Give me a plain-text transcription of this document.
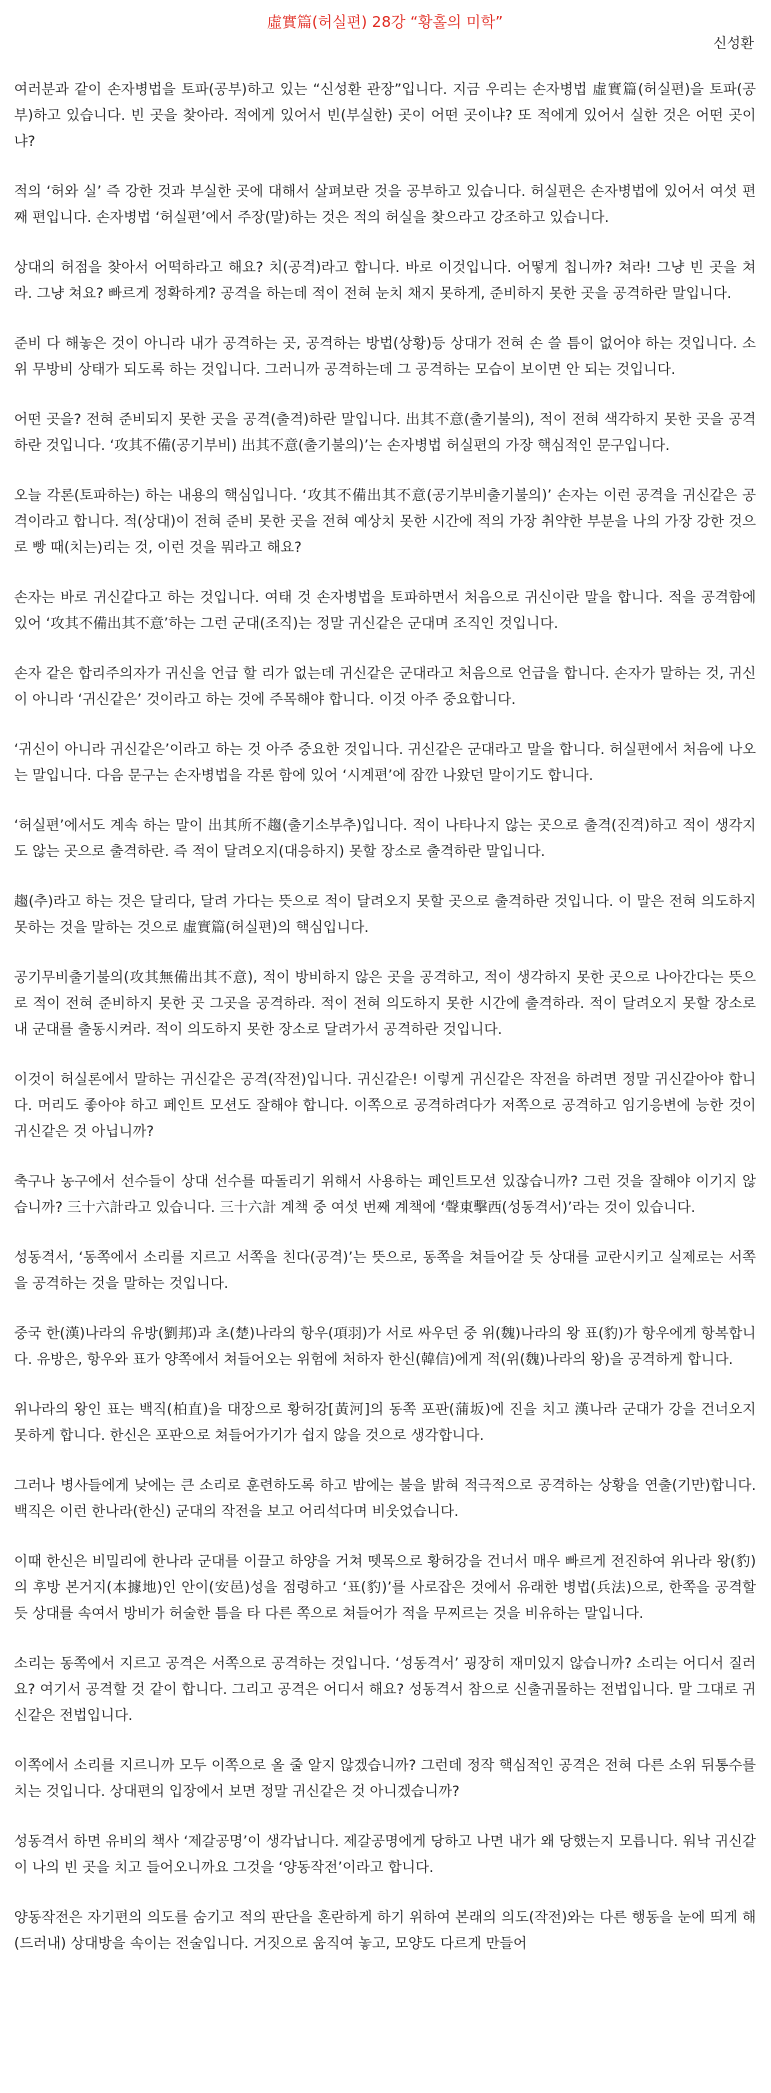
虛實篇(허실편) 28강 “황홀의 미학”
신성환

여러분과 같이 손자병법을 토파(공부)하고 있는 “신성환 관장”입니다. 지금 우리는 손자병법 虛實篇(허실편)을 토파(공부)하고 있습니다. 빈 곳을 찾아라. 적에게 있어서 빈(부실한) 곳이 어떤 곳이냐? 또 적에게 있어서 실한 것은 어떤 곳이냐?

적의 ‘허와 실’ 즉 강한 것과 부실한 곳에 대해서 살펴보란 것을 공부하고 있습니다. 허실편은 손자병법에 있어서 여섯 편째 편입니다. 손자병법 ‘허실편’에서 주장(말)하는 것은 적의 허실을 찾으라고 강조하고 있습니다.

상대의 허점을 찾아서 어떡하라고 해요? 치(공격)라고 합니다. 바로 이것입니다. 어떻게 칩니까? 쳐라! 그냥 빈 곳을 쳐라. 그냥 쳐요? 빠르게 정확하게? 공격을 하는데 적이 전혀 눈치 채지 못하게, 준비하지 못한 곳을 공격하란 말입니다.

준비 다 해놓은 것이 아니라 내가 공격하는 곳, 공격하는 방법(상황)등 상대가 전혀 손 쓸 틈이 없어야 하는 것입니다. 소위 무방비 상태가 되도록 하는 것입니다. 그러니까 공격하는데 그 공격하는 모습이 보이면 안 되는 것입니다.

어떤 곳을? 전혀 준비되지 못한 곳을 공격(출격)하란 말입니다. 出其不意(출기불의), 적이 전혀 색각하지 못한 곳을 공격하란 것입니다. ‘攻其不備(공기부비) 出其不意(출기불의)’는 손자병법 허실편의 가장 핵심적인 문구입니다.

오늘 각론(토파하는) 하는 내용의 핵심입니다. ‘攻其不備出其不意(공기부비출기불의)’ 손자는 이런 공격을 귀신같은 공격이라고 합니다. 적(상대)이 전혀 준비 못한 곳을 전혀 예상치 못한 시간에 적의 가장 취약한 부분을 나의 가장 강한 것으로 빵 때(치는)리는 것, 이런 것을 뭐라고 해요?

손자는 바로 귀신같다고 하는 것입니다. 여태 것 손자병법을 토파하면서 처음으로 귀신이란 말을 합니다. 적을 공격함에 있어 ‘攻其不備出其不意’하는 그런 군대(조직)는 정말 귀신같은 군대며 조직인 것입니다.

손자 같은 합리주의자가 귀신을 언급 할 리가 없는데 귀신같은 군대라고 처음으로 언급을 합니다. 손자가 말하는 것, 귀신이 아니라 ‘귀신같은’ 것이라고 하는 것에 주목해야 합니다. 이것 아주 중요합니다.

‘귀신이 아니라 귀신같은’이라고 하는 것 아주 중요한 것입니다. 귀신같은 군대라고 말을 합니다. 허실편에서 처음에 나오는 말입니다. 다음 문구는 손자병법을 각론 함에 있어 ‘시계편’에 잠깐 나왔던 말이기도 합니다.

‘허실편’에서도 계속 하는 말이 出其所不趨(출기소부추)입니다. 적이 나타나지 않는 곳으로 출격(진격)하고 적이 생각지도 않는 곳으로 출격하란. 즉 적이 달려오지(대응하지) 못할 장소로 출격하란 말입니다.

趨(추)라고 하는 것은 달리다, 달려 가다는 뜻으로 적이 달려오지 못할 곳으로 출격하란 것입니다. 이 말은 전혀 의도하지 못하는 것을 말하는 것으로 虛實篇(허실편)의 핵심입니다.

공기무비출기불의(攻其無備出其不意), 적이 방비하지 않은 곳을 공격하고, 적이 생각하지 못한 곳으로 나아간다는 뜻으로 적이 전혀 준비하지 못한 곳 그곳을 공격하라. 적이 전혀 의도하지 못한 시간에 출격하라. 적이 달려오지 못할 장소로 내 군대를 출동시켜라. 적이 의도하지 못한 장소로 달려가서 공격하란 것입니다.

이것이 허실론에서 말하는 귀신같은 공격(작전)입니다. 귀신같은! 이렇게 귀신같은 작전을 하려면 정말 귀신같아야 합니다. 머리도 좋아야 하고 페인트 모션도 잘해야 합니다. 이쪽으로 공격하려다가 저쪽으로 공격하고 임기응변에 능한 것이 귀신같은 것 아닙니까?

축구나 농구에서 선수들이 상대 선수를 따돌리기 위해서 사용하는 페인트모션 있잖습니까? 그런 것을 잘해야 이기지 않습니까? 三十六計라고 있습니다. 三十六計 계책 중 여섯 번째 계책에 ‘聲東擊西(성동격서)’라는 것이 있습니다.

성동격서, ‘동쪽에서 소리를 지르고 서쪽을 친다(공격)’는 뜻으로, 동쪽을 쳐들어갈 듯 상대를 교란시키고 실제로는 서쪽을 공격하는 것을 말하는 것입니다.

중국 한(漢)나라의 유방(劉邦)과 초(楚)나라의 항우(項羽)가 서로 싸우던 중 위(魏)나라의 왕 표(豹)가 항우에게 항복합니다. 유방은, 항우와 표가 양쪽에서 쳐들어오는 위험에 처하자 한신(韓信)에게 적(위(魏)나라의 왕)을 공격하게 합니다.

위나라의 왕인 표는 백직(柏直)을 대장으로 황허강[黃河]의 동쪽 포판(蒲坂)에 진을 치고 漢나라 군대가 강을 건너오지 못하게 합니다. 한신은 포판으로 쳐들어가기가 쉽지 않을 것으로 생각합니다.

그러나 병사들에게 낮에는 큰 소리로 훈련하도록 하고 밤에는 불을 밝혀 적극적으로 공격하는 상황을 연출(기만)합니다. 백직은 이런 한나라(한신) 군대의 작전을 보고 어리석다며 비웃었습니다.

이때 한신은 비밀리에 한나라 군대를 이끌고 하양을 거쳐 뗏목으로 황허강을 건너서 매우 빠르게 전진하여 위나라 왕(豹)의 후방 본거지(本據地)인 안이(安邑)성을 점령하고 ‘표(豹)’를 사로잡은 것에서 유래한 병법(兵法)으로, 한쪽을 공격할 듯 상대를 속여서 방비가 허술한 틈을 타 다른 쪽으로 쳐들어가 적을 무찌르는 것을 비유하는 말입니다.

소리는 동쪽에서 지르고 공격은 서쪽으로 공격하는 것입니다. ‘성동격서’ 굉장히 재미있지 않습니까? 소리는 어디서 질러요? 여기서 공격할 것 같이 합니다. 그리고 공격은 어디서 해요? 성동격서 참으로 신출귀몰하는 전법입니다. 말 그대로 귀신같은 전법입니다.

이쪽에서 소리를 지르니까 모두 이쪽으로 올 줄 알지 않겠습니까? 그런데 정작 핵심적인 공격은 전혀 다른 소위 뒤통수를 치는 것입니다. 상대편의 입장에서 보면 정말 귀신같은 것 아니겠습니까?

성동격서 하면 유비의 책사 ‘제갈공명’이 생각납니다. 제갈공명에게 당하고 나면 내가 왜 당했는지 모릅니다. 워낙 귀신같이 나의 빈 곳을 치고 들어오니까요 그것을 ‘양동작전’이라고 합니다.

양동작전은 자기편의 의도를 숨기고 적의 판단을 혼란하게 하기 위하여 본래의 의도(작전)와는 다른 행동을 눈에 띄게 해(드러내) 상대방을 속이는 전술입니다. 거짓으로 움직여 놓고, 모양도 다르게 만들어
